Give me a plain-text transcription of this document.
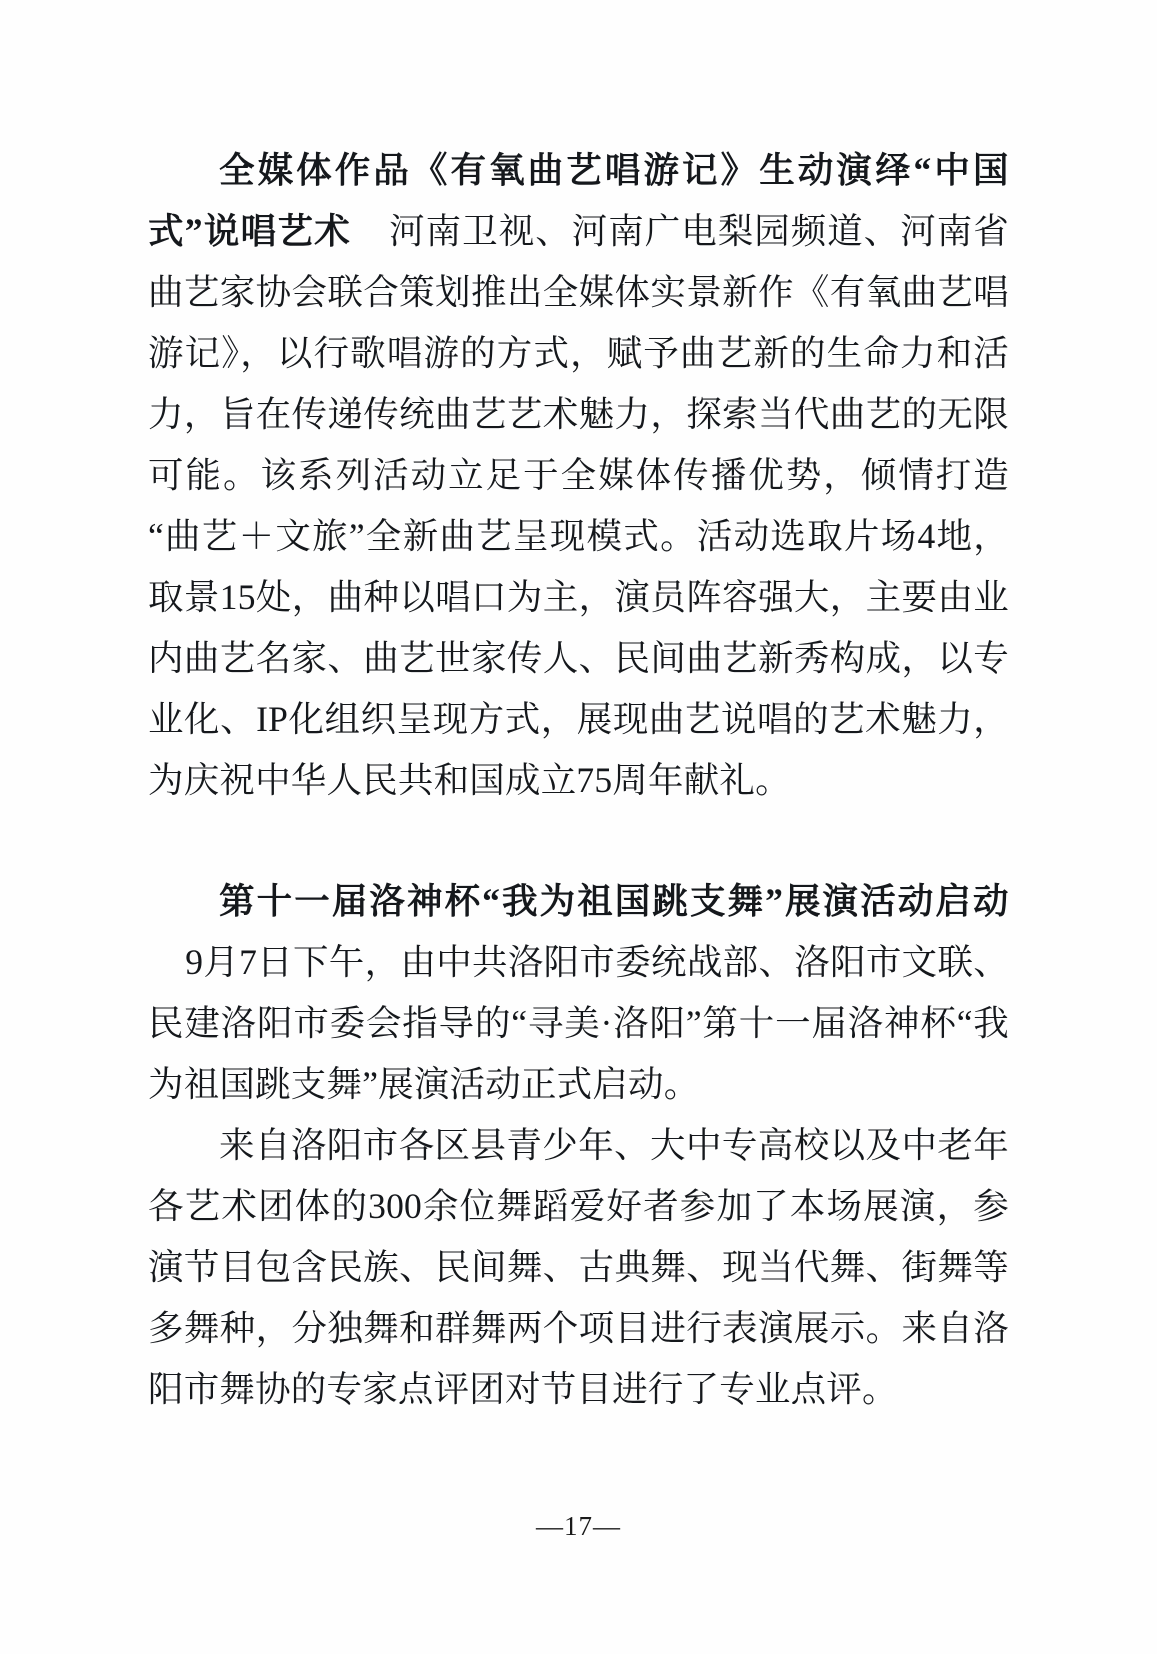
全媒体作品《有氧曲艺唱游记》生动演绎“中国式”说唱艺术 河南卫视、河南广电梨园频道、河南省曲艺家协会联合策划推出全媒体实景新作《有氧曲艺唱游记》，以行歌唱游的方式，赋予曲艺新的生命力和活力，旨在传递传统曲艺艺术魅力，探索当代曲艺的无限可能。该系列活动立足于全媒体传播优势，倾情打造“曲艺＋文旅”全新曲艺呈现模式。活动选取片场4地，取景15处，曲种以唱口为主，演员阵容强大，主要由业内曲艺名家、曲艺世家传人、民间曲艺新秀构成，以专业化、IP化组织呈现方式，展现曲艺说唱的艺术魅力，为庆祝中华人民共和国成立75周年献礼。

第十一届洛神杯“我为祖国跳支舞”展演活动启动9月7日下午，由中共洛阳市委统战部、洛阳市文联、民建洛阳市委会指导的“寻美·洛阳”第十一届洛神杯“我为祖国跳支舞”展演活动正式启动。

来自洛阳市各区县青少年、大中专高校以及中老年各艺术团体的300余位舞蹈爱好者参加了本场展演，参演节目包含民族、民间舞、古典舞、现当代舞、街舞等多舞种，分独舞和群舞两个项目进行表演展示。来自洛阳市舞协的专家点评团对节目进行了专业点评。

—17—
